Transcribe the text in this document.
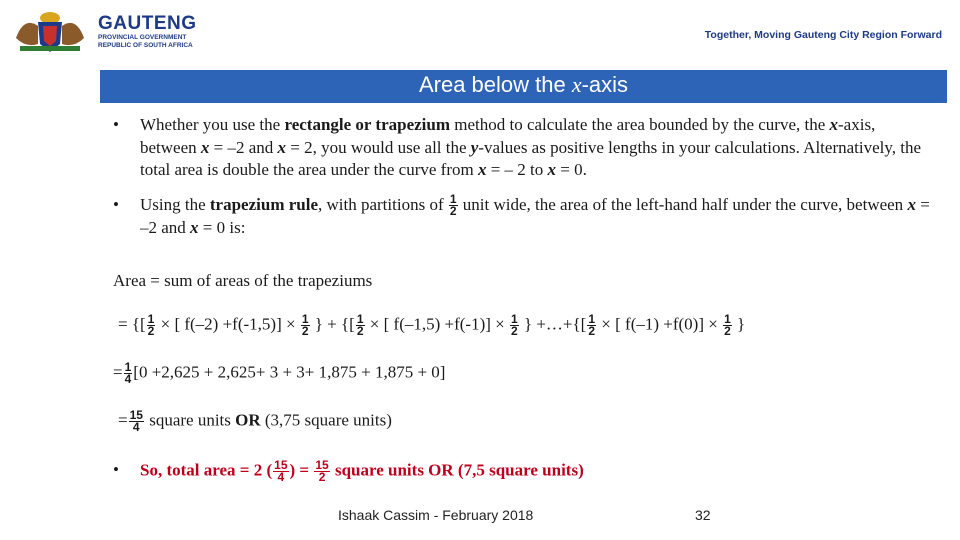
GAUTENG
PROVINCIAL GOVERNMENT
REPUBLIC OF SOUTH AFRICA
Together, Moving Gauteng City Region Forward
Area below the x-axis
• Whether you use the rectangle or trapezium method to calculate the area bounded by the curve, the x-axis, between x = –2 and x = 2, you would use all the y-values as positive lengths in your calculations. Alternatively, the total area is double the area under the curve from x = – 2 to x = 0.
• Using the trapezium rule, with partitions of $\frac{1}{2}$ unit wide, the area of the left-hand half under the curve, between x = –2 and x = 0 is:
Area = sum of areas of the trapeziums
= {[ $\frac{1}{2}$ × [ $f(-2) +f(-1,5)] \times \frac{1}{2}$ } + {[ $\frac{1}{2}$ × [ $f(-1,5) +f(-1)] \times \frac{1}{2}$ } +…+{[ $\frac{1}{2}$ × [ $f(-1) +f(0)] \times \frac{1}{2}$ }
= $\frac{1}{4} [0 +2,625 + 2,625+ 3 + 3+ 1,875 + 1,875 + 0]$
= $\frac{15}{4}$ square units OR (3,75 square units)
• So, total area = 2 ( $\frac{15}{4}$ ) = $\frac{15}{2}$ square units OR (7,5 square units)
Ishaak Cassim - February 2018	32
